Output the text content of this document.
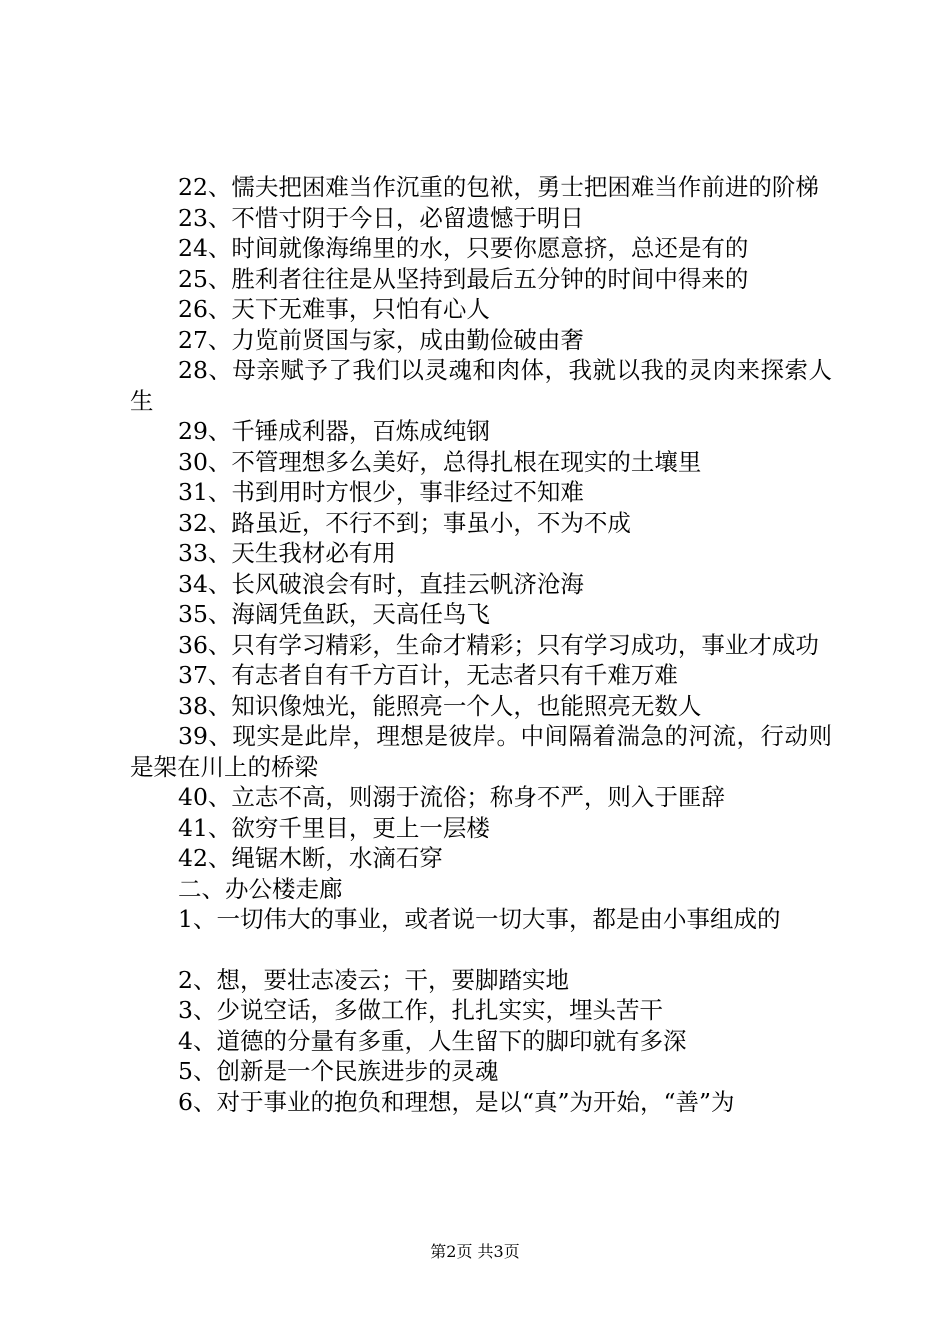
22、懦夫把困难当作沉重的包袱，勇士把困难当作前进的阶梯

23、不惜寸阴于今日，必留遗憾于明日

24、时间就像海绵里的水，只要你愿意挤，总还是有的

25、胜利者往往是从坚持到最后五分钟的时间中得来的

26、天下无难事，只怕有心人

27、力览前贤国与家，成由勤俭破由奢

28、母亲赋予了我们以灵魂和肉体，我就以我的灵肉来探索人生

29、千锤成利器，百炼成纯钢

30、不管理想多么美好，总得扎根在现实的土壤里

31、书到用时方恨少，事非经过不知难

32、路虽近，不行不到；事虽小，不为不成

33、天生我材必有用

34、长风破浪会有时，直挂云帆济沧海

35、海阔凭鱼跃，天高任鸟飞

36、只有学习精彩，生命才精彩；只有学习成功，事业才成功

37、有志者自有千方百计，无志者只有千难万难

38、知识像烛光，能照亮一个人，也能照亮无数人

39、现实是此岸，理想是彼岸。中间隔着湍急的河流，行动则是架在川上的桥梁

40、立志不高，则溺于流俗；称身不严，则入于匪辞

41、欲穷千里目，更上一层楼

42、绳锯木断，水滴石穿

二、办公楼走廊

1、一切伟大的事业，或者说一切大事，都是由小事组成的

2、想，要壮志凌云；干，要脚踏实地

3、少说空话，多做工作，扎扎实实，埋头苦干

4、道德的分量有多重，人生留下的脚印就有多深

5、创新是一个民族进步的灵魂

6、对于事业的抱负和理想，是以“真”为开始，“善”为

第2页 共3页
